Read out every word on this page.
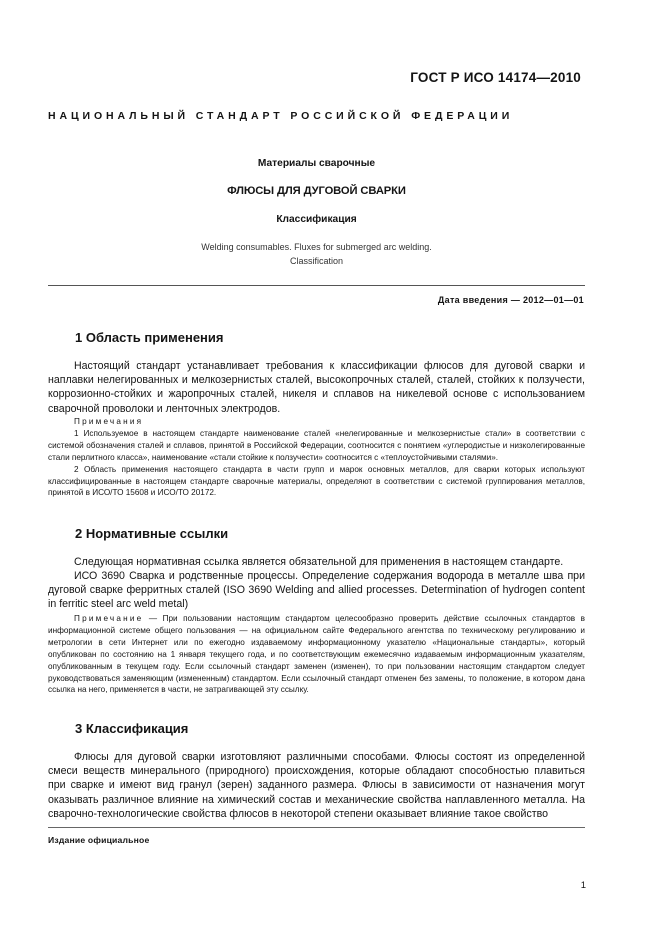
ГОСТ Р ИСО 14174—2010
НАЦИОНАЛЬНЫЙ СТАНДАРТ РОССИЙСКОЙ ФЕДЕРАЦИИ
Материалы сварочные
ФЛЮСЫ ДЛЯ ДУГОВОЙ СВАРКИ
Классификация
Welding consumables. Fluxes for submerged arc welding.
Classification
Дата введения — 2012—01—01
1 Область применения
Настоящий стандарт устанавливает требования к классификации флюсов для дуговой сварки и наплавки нелегированных и мелкозернистых сталей, высокопрочных сталей, сталей, стойких к ползучести, коррозионно-стойких и жаропрочных сталей, никеля и сплавов на никелевой основе с использованием сварочной проволоки и ленточных электродов.
Примечания
1 Используемое в настоящем стандарте наименование сталей «нелегированные и мелкозернистые стали» в соответствии с системой обозначения сталей и сплавов, принятой в Российской Федерации, соотносится с понятием «углеродистые и низколегированные стали перлитного класса», наименование «стали стойкие к ползучести» соотносится с «теплоустойчивыми сталями».
2 Область применения настоящего стандарта в части групп и марок основных металлов, для сварки которых используют классифицированные в настоящем стандарте сварочные материалы, определяют в соответствии с системой группирования металлов, принятой в ИСО/ТО 15608 и ИСО/ТО 20172.
2 Нормативные ссылки
Следующая нормативная ссылка является обязательной для применения в настоящем стандарте.
ИСО 3690 Сварка и родственные процессы. Определение содержания водорода в металле шва при дуговой сварке ферритных сталей (ISO 3690 Welding and allied processes. Determination of hydrogen content in ferritic steel arc weld metal)
Примечание — При пользовании настоящим стандартом целесообразно проверить действие ссылочных стандартов в информационной системе общего пользования — на официальном сайте Федерального агентства по техническому регулированию и метрологии в сети Интернет или по ежегодно издаваемому информационному указателю «Национальные стандарты», который опубликован по состоянию на 1 января текущего года, и по соответствующим ежемесячно издаваемым информационным указателям, опубликованным в текущем году. Если ссылочный стандарт заменен (изменен), то при пользовании настоящим стандартом следует руководствоваться заменяющим (измененным) стандартом. Если ссылочный стандарт отменен без замены, то положение, в котором дана ссылка на него, применяется в части, не затрагивающей эту ссылку.
3 Классификация
Флюсы для дуговой сварки изготовляют различными способами. Флюсы состоят из определенной смеси веществ минерального (природного) происхождения, которые обладают способностью плавиться при сварке и имеют вид гранул (зерен) заданного размера. Флюсы в зависимости от назначения могут оказывать различное влияние на химический состав и механические свойства наплавленного металла. На сварочно-технологические свойства флюсов в некоторой степени оказывает влияние такое свойство
Издание официальное
1
